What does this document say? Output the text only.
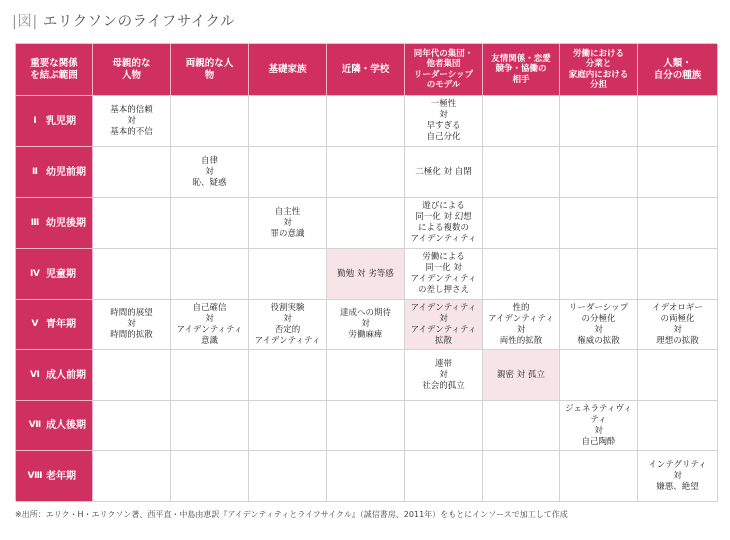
|図| エリクソンのライフサイクル
重要な関係
を結ぶ範囲
母親的な
人物
両親的な人
物
基礎家族	近隣・学校
同年代の集団・
他者集団
リーダーシップ
のモデル
友情関係・恋愛
競争・協働の
相手
労働における
分業と
家庭内における
分担
人類・
自分の種族
Ⅰ 乳児期
基本的信頼
対
基本的不信
一極性
対
早すぎる
自己分化
Ⅱ 幼児前期
自律
対
恥、疑惑
二極化 対 自閉
Ⅲ 幼児後期
自主性
対
罪の意識
遊びによる
同一化 対 幻想
による複数の
アイデンティティ
Ⅳ 児童期	勤勉 対 劣等感
労働による
同一化 対
アイデンティティ
の差し押さえ
Ⅴ 青年期
時間的展望
対
時間的拡散
自己確信
対
アイデンティティ
意識
役割実験
対
否定的
アイデンティティ
達成への期待
対
労働麻痺
アイデンティティ
対
アイデンティティ
拡散
性的
アイデンティティ
対
両性的拡散
リーダーシップ
の分極化
対
権威の拡散
イデオロギー
の両極化
対
理想の拡散
Ⅵ 成人前期
連帯
対
社会的孤立
親密 対 孤立
Ⅶ 成人後期
ジェネラティヴィ
ティ
対
自己陶酔
Ⅷ 老年期
インテグリティ
対
嫌悪、絶望
※出所：エリク・H・エリクソン著、西平直・中島由恵訳『アイデンティティとライフサイクル』（誠信書房、2011年）をもとにインソースで加工して作成
